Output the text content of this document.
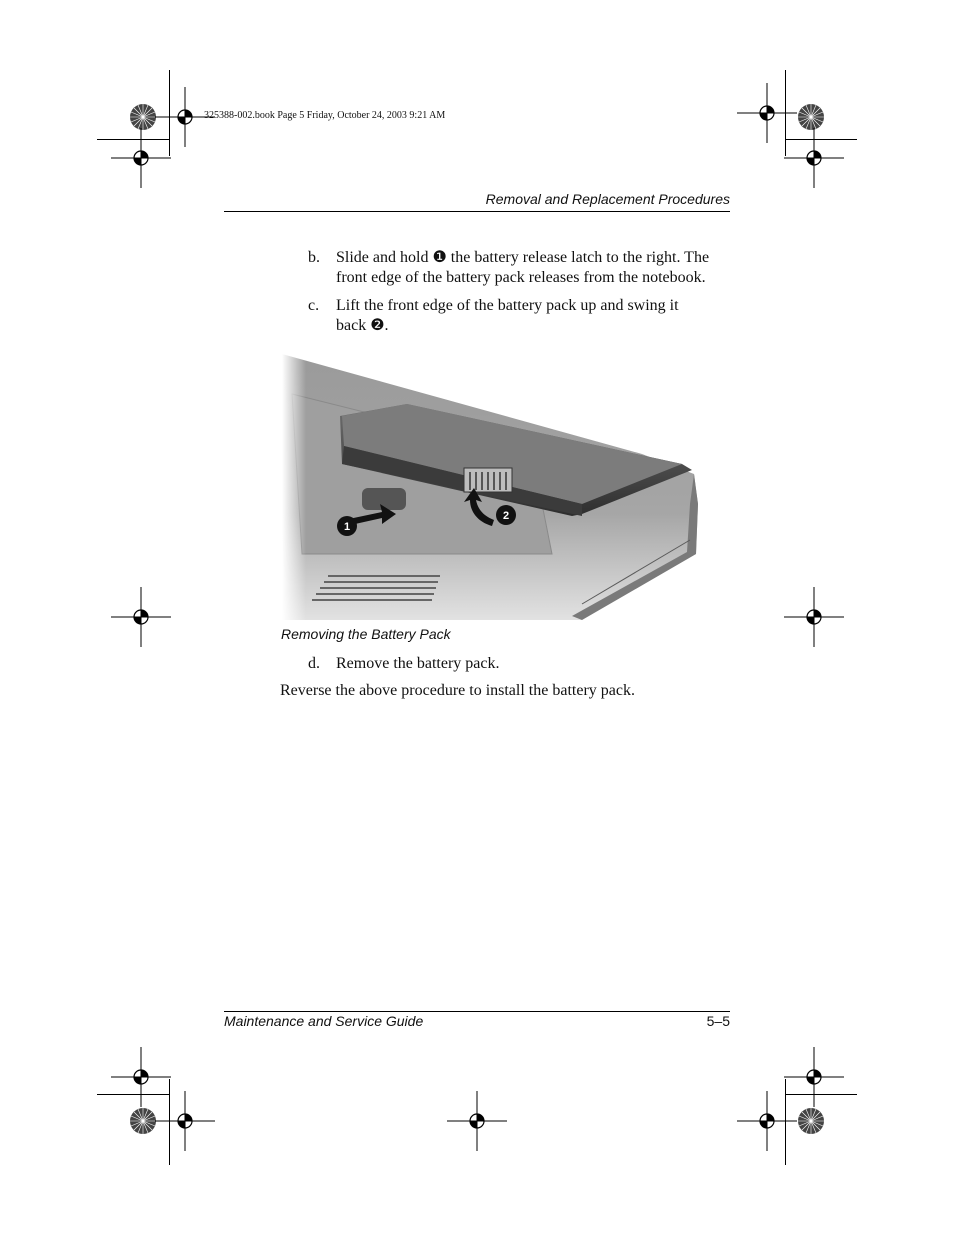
325388-002.book Page 5 Friday, October 24, 2003 9:21 AM
Removal and Replacement Procedures
b. Slide and hold ❶ the battery release latch to the right. The
front edge of the battery pack releases from the notebook.
c. Lift the front edge of the battery pack up and swing it
back ❷.
1
2
Removing the Battery Pack
d. Remove the battery pack.
Reverse the above procedure to install the battery pack.
Maintenance and Service Guide	5–5
